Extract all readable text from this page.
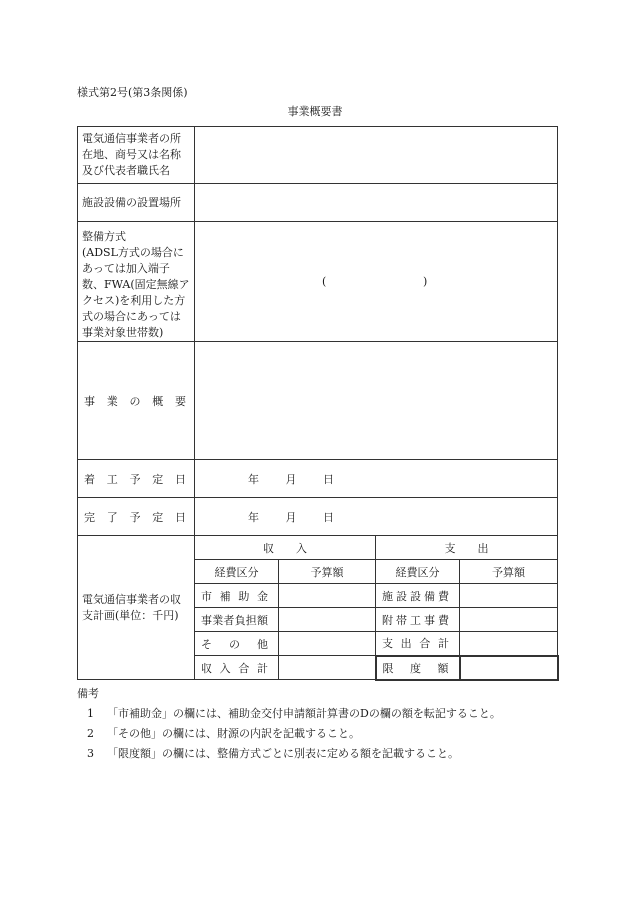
様式第2号(第3条関係)
事業概要書
電気通信事業者の所在地、商号又は名称及び代表者職氏名				
施設設備の設置場所				
整備方式
(ADSL方式の場合にあっては加入端子数、FWA(固定無線アクセス)を利用した方式の場合にあっては事業対象世帯数)	( )			

事業の概要				
着工予定日	年 月 日			
完了予定日	年 月 日			
電気通信事業者の収支計画(単位：千円)	収入		支出	
	経費区分	予算額	経費区分	予算額
	市補助金		施設設備費	
	事業者負担額		附帯工事費	
	その他		支出合計	
	収入合計		限度額	
備考
1 「市補助金」の欄には、補助金交付申請額計算書のDの欄の額を転記すること。
2 「その他」の欄には、財源の内訳を記載すること。
3 「限度額」の欄には、整備方式ごとに別表に定める額を記載すること。
